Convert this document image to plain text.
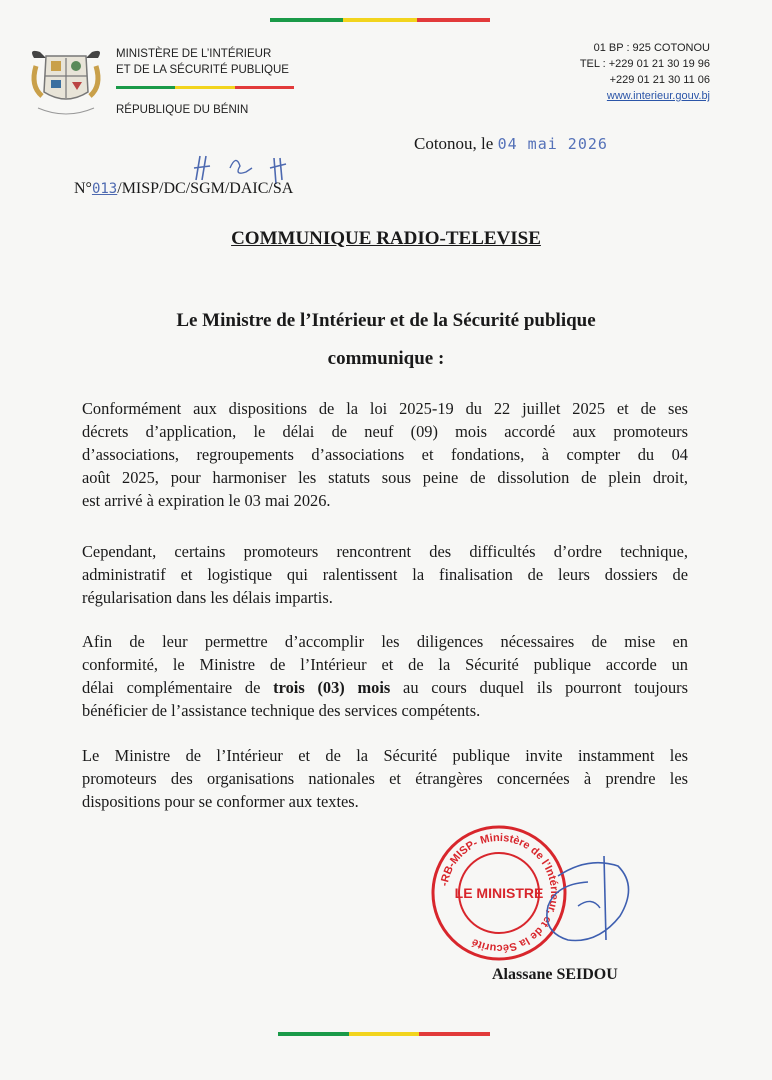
MINISTÈRE DE L’INTÉRIEUR
ET DE LA SÉCURITÉ PUBLIQUE
RÉPUBLIQUE DU BÉNIN
01 BP : 925 COTONOU
TEL : +229 01 21 30 19 96
+229 01 21 30 11 06
www.interieur.gouv.bj
Cotonou, le 04 mai 2026
N°013/MISP/DC/SGM/DAIC/SA
COMMUNIQUE RADIO-TELEVISE
Le Ministre de l’Intérieur et de la Sécurité publique
communique :
Conformément aux dispositions de la loi 2025-19 du 22 juillet 2025 et de ses
décrets d’application, le délai de neuf (09) mois accordé aux promoteurs
d’associations, regroupements d’associations et fondations, à compter du 04
août 2025, pour harmoniser les statuts sous peine de dissolution de plein droit,
est arrivé à expiration le 03 mai 2026.
Cependant, certains promoteurs rencontrent des difficultés d’ordre technique,
administratif et logistique qui ralentissent la finalisation de leurs dossiers de
régularisation dans les délais impartis.
Afin de leur permettre d’accomplir les diligences nécessaires de mise en
conformité, le Ministre de l’Intérieur et de la Sécurité publique accorde un
délai complémentaire de trois (03) mois au cours duquel ils pourront toujours
bénéficier de l’assistance technique des services compétents.
Le Ministre de l’Intérieur et de la Sécurité publique invite instamment les
promoteurs des organisations nationales et étrangères concernées à prendre les
dispositions pour se conformer aux textes.
-RB-MISP- Ministère de l’Intérieur, et de la Sécurité
LE MINISTRE
Alassane SEIDOU
